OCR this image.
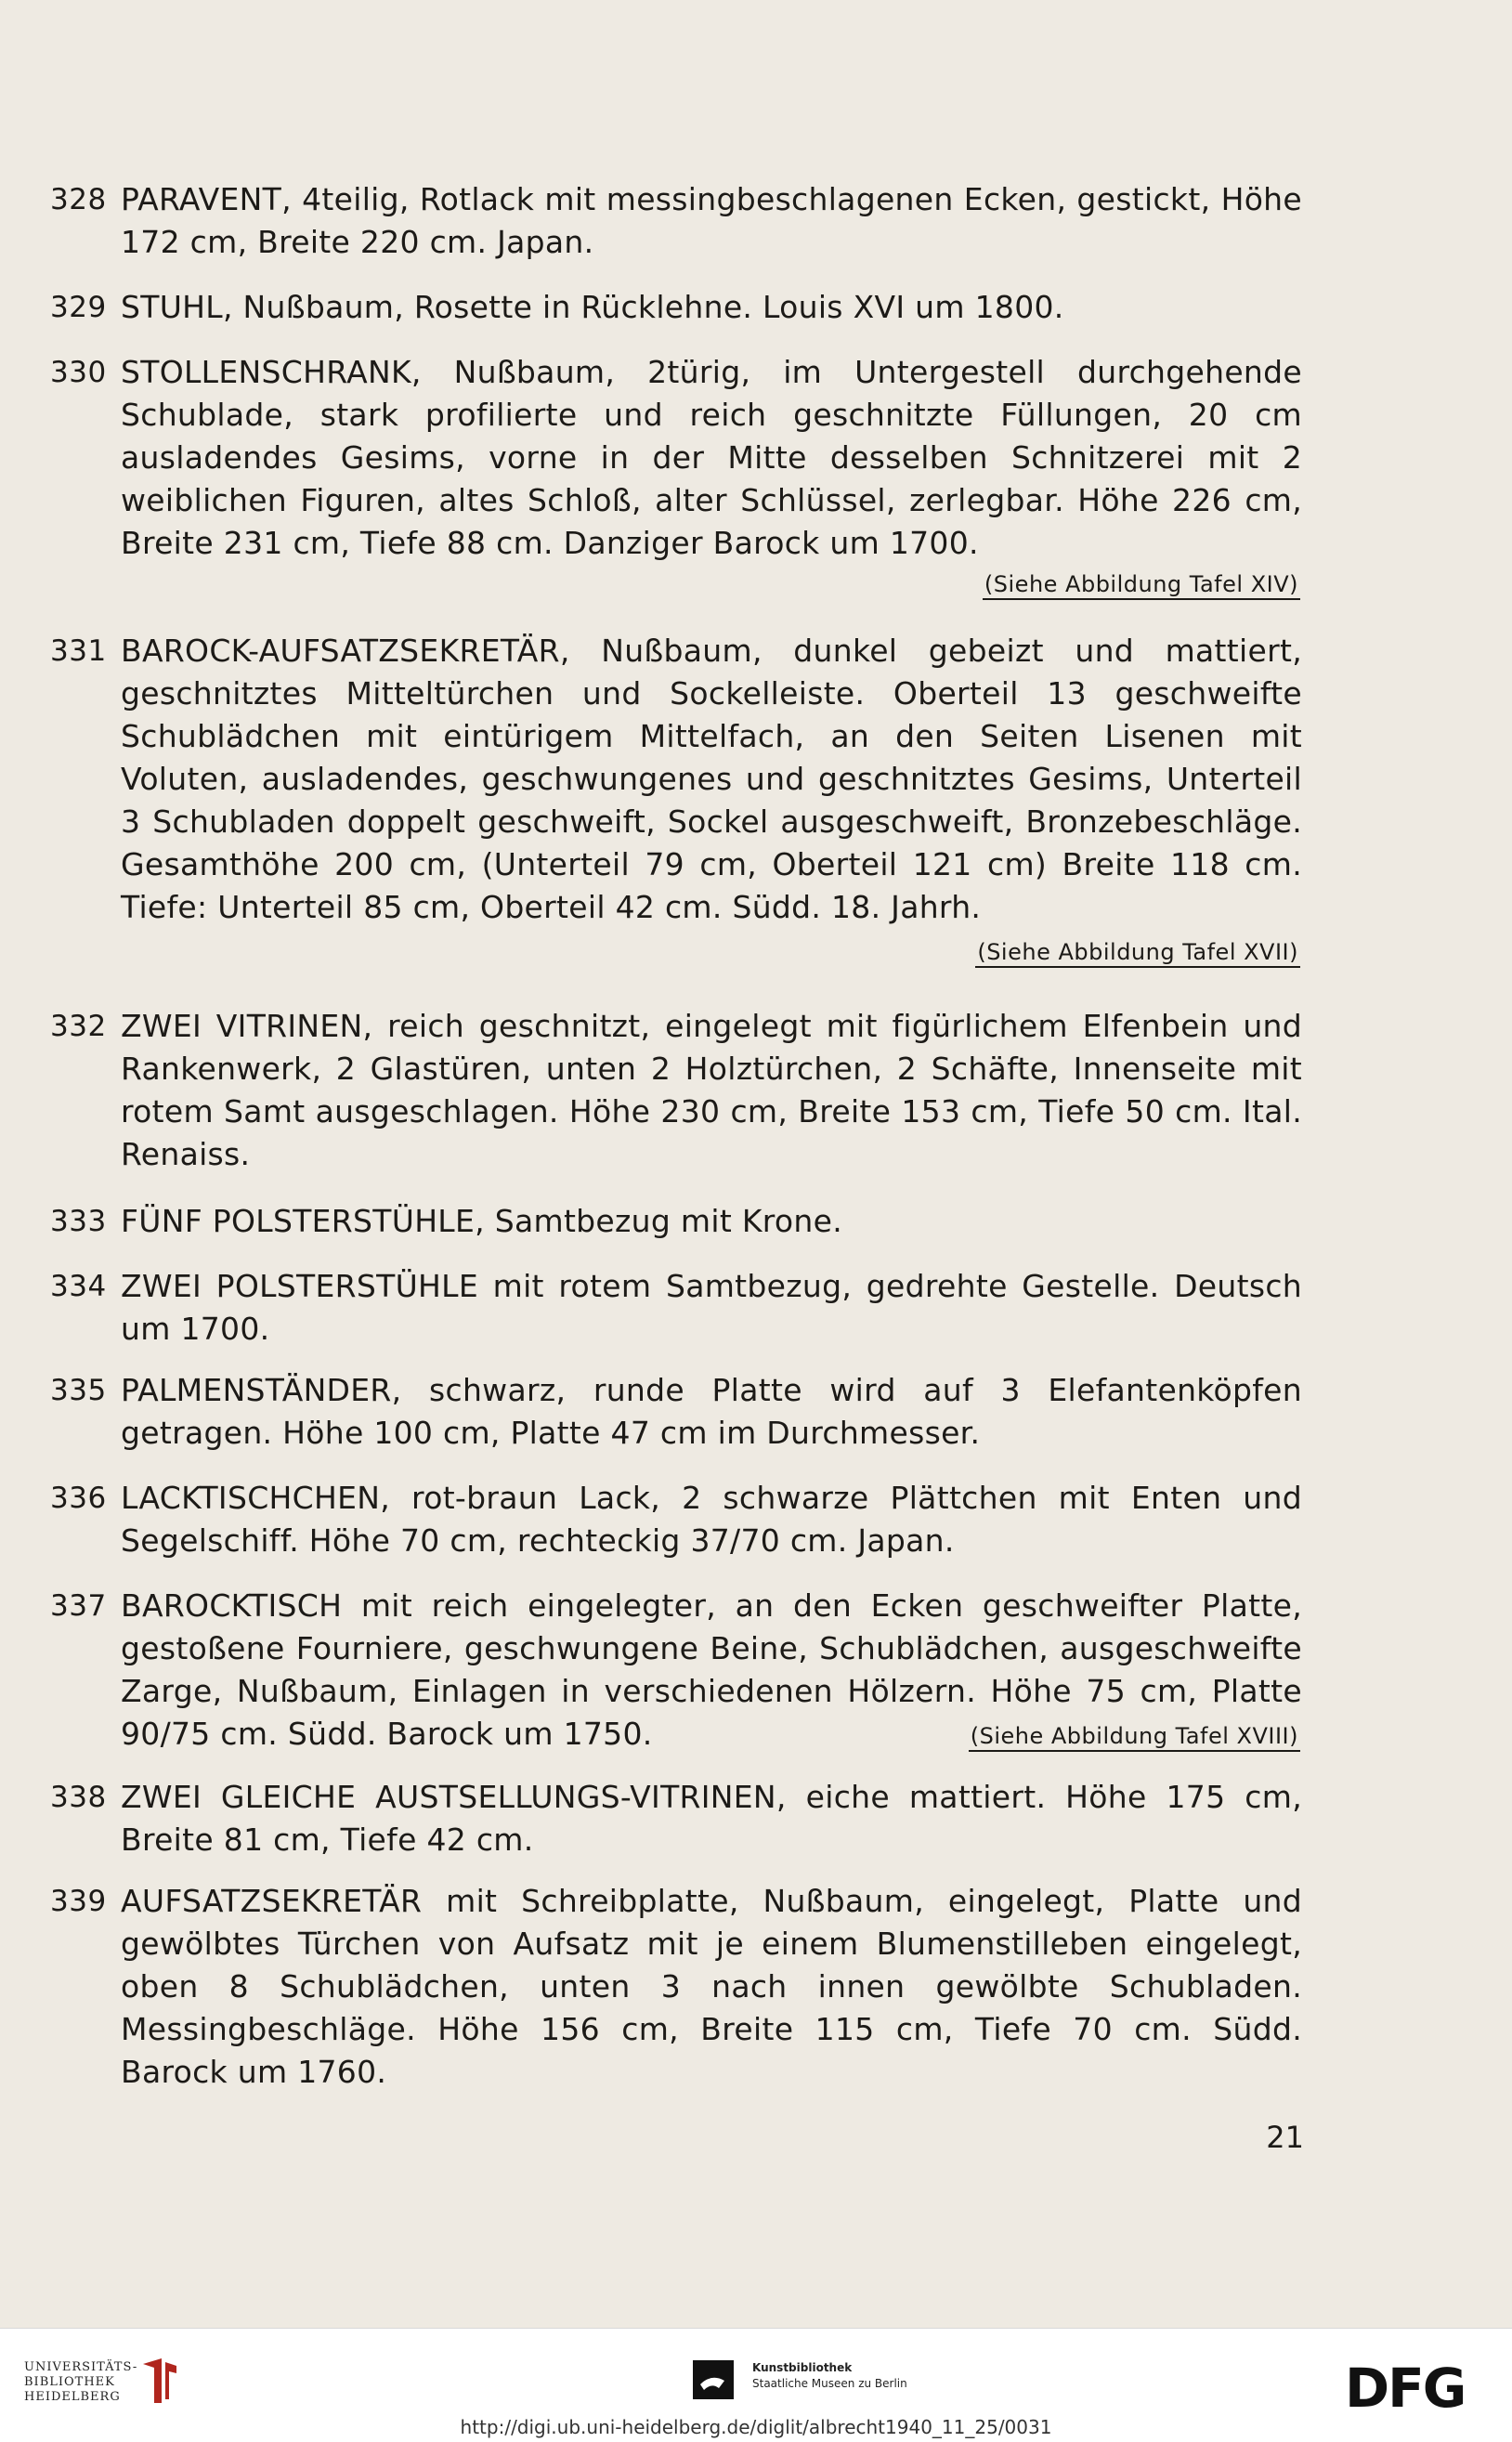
328 PARAVENT, 4teilig, Rotlack mit messingbeschlagenen Ecken, gestickt, Höhe 172 cm, Breite 220 cm. Japan.
329 STUHL, Nußbaum, Rosette in Rücklehne. Louis XVI um 1800.
330 STOLLENSCHRANK, Nußbaum, 2türig, im Untergestell durchgehende Schublade, stark profilierte und reich geschnitzte Füllungen, 20 cm ausladendes Gesims, vorne in der Mitte desselben Schnitzerei mit 2 weiblichen Figuren, altes Schloß, alter Schlüssel, zerlegbar. Höhe 226 cm, Breite 231 cm, Tiefe 88 cm. Danziger Barock um 1700.
(Siehe Abbildung Tafel XIV)
331 BAROCK-AUFSATZSEKRETÄR, Nußbaum, dunkel gebeizt und mattiert, geschnitztes Mitteltürchen und Sockelleiste. Oberteil 13 geschweifte Schublädchen mit eintürigem Mittelfach, an den Seiten Lisenen mit Voluten, ausladendes, geschwungenes und geschnitztes Gesims, Unterteil 3 Schubladen doppelt geschweift, Sockel ausgeschweift, Bronzebeschläge. Gesamthöhe 200 cm, (Unterteil 79 cm, Oberteil 121 cm) Breite 118 cm. Tiefe: Unterteil 85 cm, Oberteil 42 cm. Südd. 18. Jahrh.
(Siehe Abbildung Tafel XVII)
332 ZWEI VITRINEN, reich geschnitzt, eingelegt mit figürlichem Elfenbein und Rankenwerk, 2 Glastüren, unten 2 Holztürchen, 2 Schäfte, Innenseite mit rotem Samt ausgeschlagen. Höhe 230 cm, Breite 153 cm, Tiefe 50 cm. Ital. Renaiss.
333 FÜNF POLSTERSTÜHLE, Samtbezug mit Krone.
334 ZWEI POLSTERSTÜHLE mit rotem Samtbezug, gedrehte Gestelle. Deutsch um 1700.
335 PALMENSTÄNDER, schwarz, runde Platte wird auf 3 Elefantenköpfen getragen. Höhe 100 cm, Platte 47 cm im Durchmesser.
336 LACKTISCHCHEN, rot-braun Lack, 2 schwarze Plättchen mit Enten und Segelschiff. Höhe 70 cm, rechteckig 37/70 cm. Japan.
337 BAROCKTISCH mit reich eingelegter, an den Ecken geschweifter Platte, gestoßene Fourniere, geschwungene Beine, Schublädchen, ausgeschweifte Zarge, Nußbaum, Einlagen in verschiedenen Hölzern. Höhe 75 cm, Platte 90/75 cm. Südd. Barock um 1750.	(Siehe Abbildung Tafel XVIII)
338 ZWEI GLEICHE AUSTSELLUNGS-VITRINEN, eiche mattiert. Höhe 175 cm, Breite 81 cm, Tiefe 42 cm.
339 AUFSATZSEKRETÄR mit Schreibplatte, Nußbaum, eingelegt, Platte und gewölbtes Türchen von Aufsatz mit je einem Blumenstilleben eingelegt, oben 8 Schublädchen, unten 3 nach innen gewölbte Schubladen. Messingbeschläge. Höhe 156 cm, Breite 115 cm, Tiefe 70 cm. Südd. Barock um 1760.
21
UNIVERSITÄTS-
BIBLIOTHEK
HEIDELBERG
Kunstbibliothek
Staatliche Museen zu Berlin	DFG
http://digi.ub.uni-heidelberg.de/diglit/albrecht1940_11_25/0031
